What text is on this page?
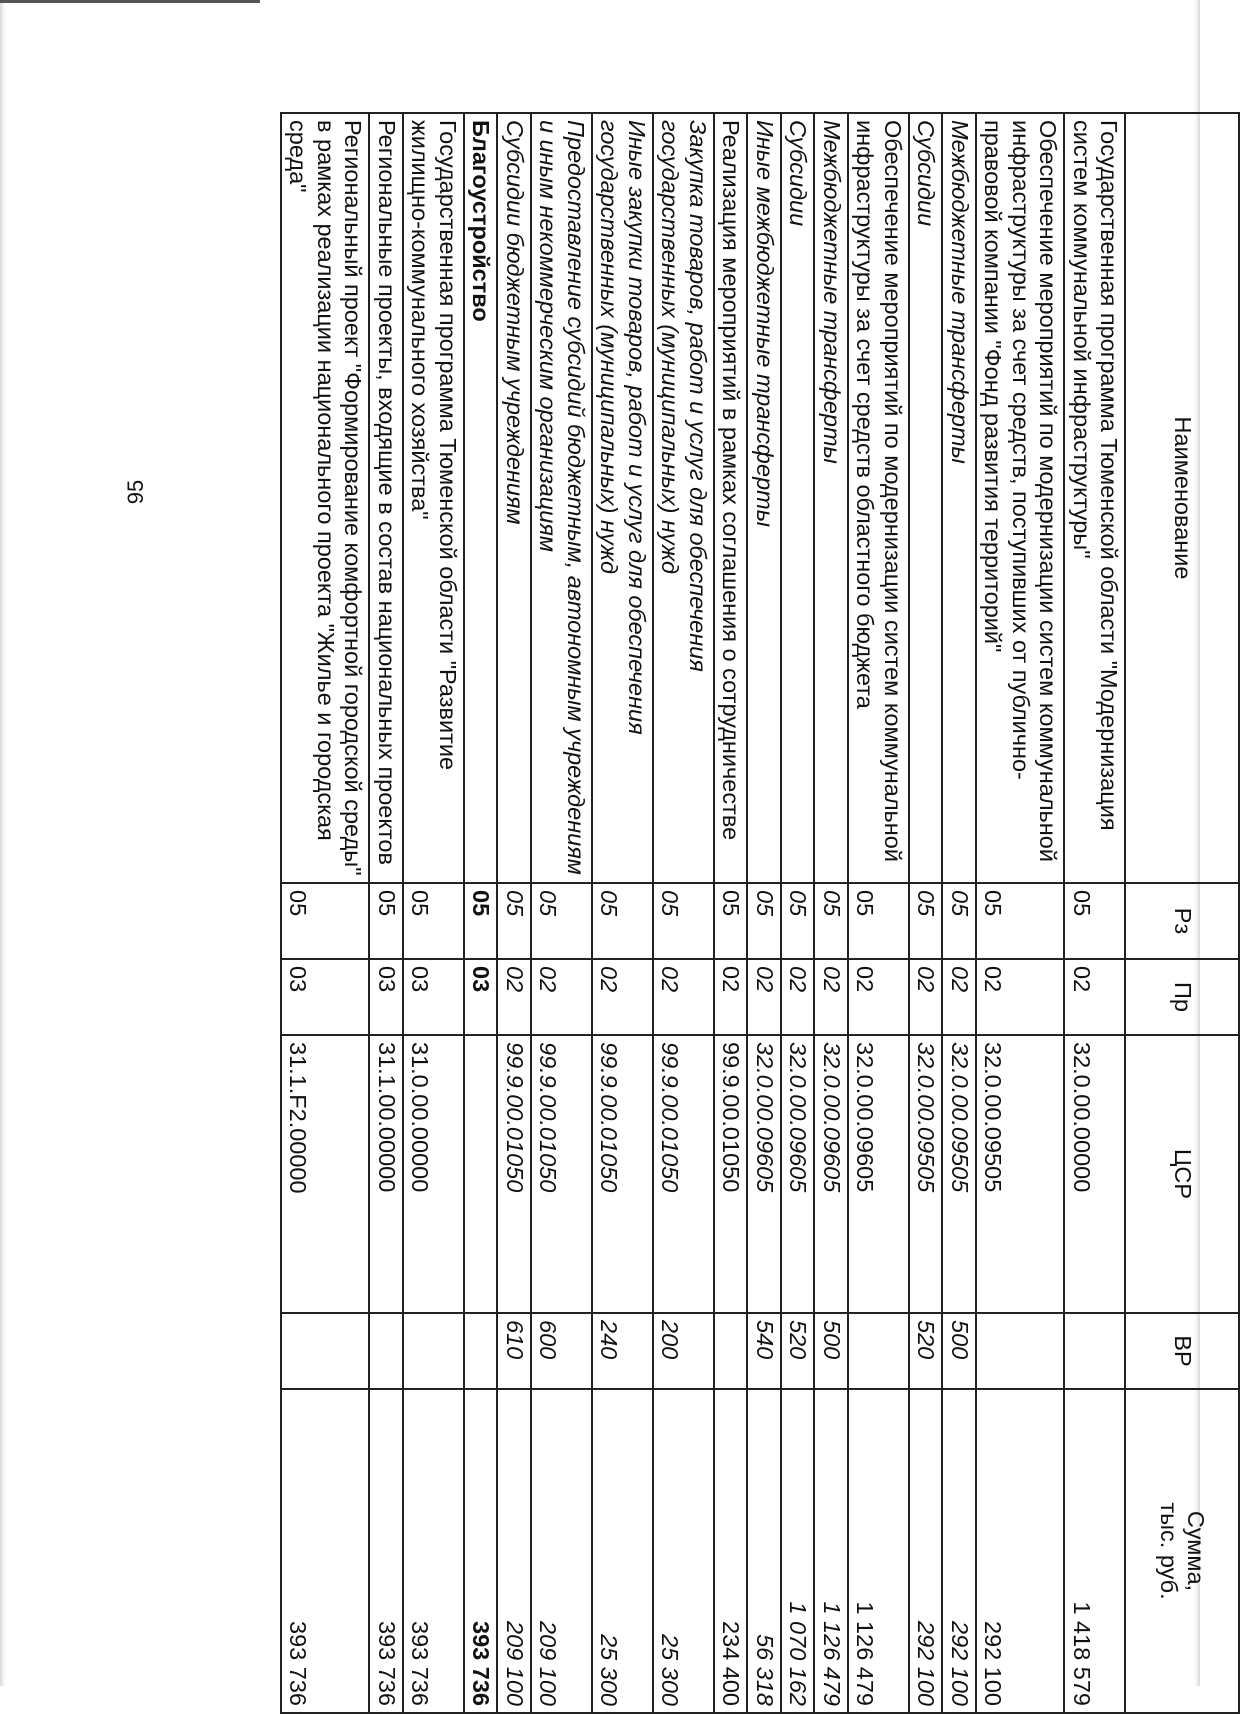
95	Наименование	Рз	Пр	ЦСР	ВР	Сумма,
тыс. руб.
Государственная программа Тюменской области "Модернизация систем коммунальной инфраструктуры"	05	02	32.0.00.00000		1 418 579
Обеспечение мероприятий по модернизации систем коммунальной инфраструктуры за счет средств, поступивших от публично-правовой компании "Фонд развития территорий"	05	02	32.0.00.09505		292 100
Межбюджетные трансферты	05	02	32.0.00.09505	500	292 100
Субсидии	05	02	32.0.00.09505	520	292 100
Обеспечение мероприятий по модернизации систем коммунальной инфраструктуры за счет средств областного бюджета	05	02	32.0.00.09605		1 126 479
Межбюджетные трансферты	05	02	32.0.00.09605	500	1 126 479
Субсидии	05	02	32.0.00.09605	520	1 070 162
Иные межбюджетные трансферты	05	02	32.0.00.09605	540	56 318
Реализация мероприятий в рамках соглашения о сотрудничестве	05	02	99.9.00.01050		234 400
Закупка товаров, работ и услуг для обеспечения государственных (муниципальных) нужд	05	02	99.9.00.01050	200	25 300
Иные закупки товаров, работ и услуг для обеспечения государственных (муниципальных) нужд	05	02	99.9.00.01050	240	25 300
Предоставление субсидий бюджетным, автономным учреждениям и иным некоммерческим организациям	05	02	99.9.00.01050	600	209 100
Субсидии бюджетным учреждениям	05	02	99.9.00.01050	610	209 100
Благоустройство	05	03			393 736
Государственная программа Тюменской области "Развитие жилищно-коммунального хозяйства"	05	03	31.0.00.00000		393 736
Региональные проекты, входящие в состав национальных проектов	05	03	31.1.00.00000		393 736
Региональный проект "Формирование комфортной городской среды" в рамках реализации национального проекта "Жилье и городская среда"	05	03	31.1.F2.00000		393 736
